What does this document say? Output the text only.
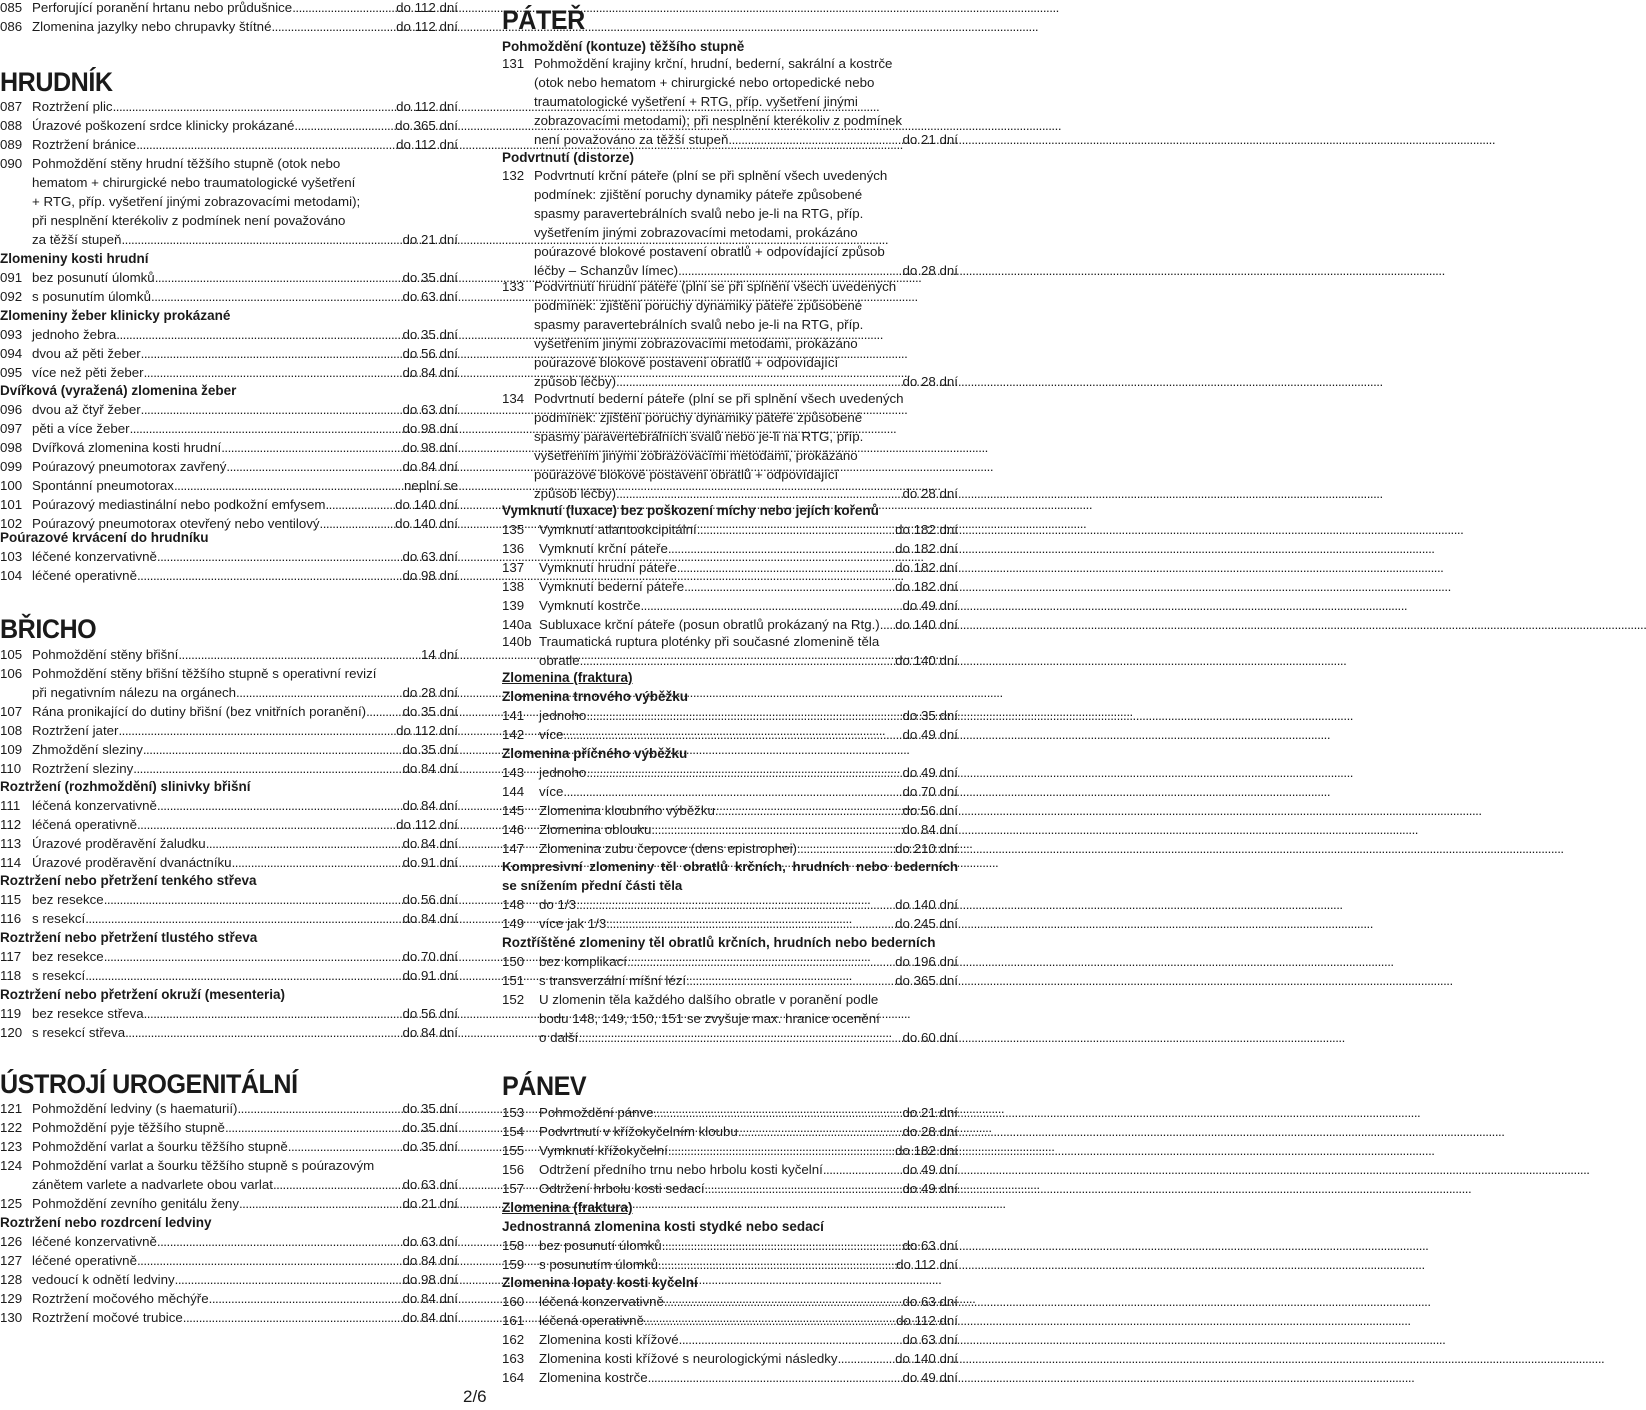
085 Perforující poranění hrtanu nebo průdušnice .....	do 112 dní
086 Zlomenina jazylky nebo chrupavky štítné .....	do 112 dní
HRUDNÍK
087 Roztržení plic .....	do 112 dní
088 Úrazové poškození srdce klinicky prokázané .....	do 365 dní
089 Roztržení bránice .....	do 112 dní
090 Pohmoždění stěny hrudní těžšího stupně (otok nebo
hematom + chirurgické nebo traumatologické vyšetření
+ RTG, příp. vyšetření jinými zobrazovacími metodami);
při nesplnění kterékoliv z podmínek není považováno
za těžší stupeň .....	do 21 dní
Zlomeniny kosti hrudní
091 bez posunutí úlomků .....	do 35 dní
092 s posunutím úlomků .....	do 63 dní
Zlomeniny žeber klinicky prokázané
093 jednoho žebra .....	do 35 dní
094 dvou až pěti žeber .....	do 56 dní
095 více než pěti žeber .....	do 84 dní
Dvířková (vyražená) zlomenina žeber
096 dvou až čtyř žeber .....	do 63 dní
097 pěti a více žeber .....	do 98 dní
098 Dvířková zlomenina kosti hrudní .....	do 98 dní
099 Poúrazový pneumotorax zavřený .....	do 84 dní
100 Spontánní pneumotorax .....	neplní se
101 Poúrazový mediastinální nebo podkožní emfysem .....	do 140 dní
102 Poúrazový pneumotorax otevřený nebo ventilový .....	do 140 dní
Poúrazové krvácení do hrudníku
103 léčené konzervativně .....	do 63 dní
104 léčené operativně .....	do 98 dní
BŘICHO
105 Pohmoždění stěny břišní .....	14 dní
106 Pohmoždění stěny břišní těžšího stupně s operativní revizí
při negativním nálezu na orgánech .....	do 28 dní
107 Rána pronikající do dutiny břišní (bez vnitřních poranění) .....	do 35 dní
108 Roztržení jater .....	do 112 dní
109 Zhmoždění sleziny .....	do 35 dní
110 Roztržení sleziny .....	do 84 dní
Roztržení (rozhmoždění) slinivky břišní
111 léčená konzervativně .....	do 84 dní
112 léčená operativně .....	do 112 dní
113 Úrazové proděravění žaludku .....	do 84 dní
114 Úrazové proděravění dvanáctníku .....	do 91 dní
Roztržení nebo přetržení tenkého střeva
115 bez resekce .....	do 56 dní
116 s resekcí .....	do 84 dní
Roztržení nebo přetržení tlustého střeva
117 bez resekce .....	do 70 dní
118 s resekcí .....	do 91 dní
Roztržení nebo přetržení okruží (mesenteria)
119 bez resekce střeva .....	do 56 dní
120 s resekcí střeva .....	do 84 dní
ÚSTROJÍ UROGENITÁLNÍ
121 Pohmoždění ledviny (s haematurií) .....	do 35 dní
122 Pohmoždění pyje těžšího stupně .....	do 35 dní
123 Pohmoždění varlat a šourku těžšího stupně .....	do 35 dní
124 Pohmoždění varlat a šourku těžšího stupně s poúrazovým
zánětem varlete a nadvarlete obou varlat .....	do 63 dní
125 Pohmoždění zevního genitálu ženy .....	do 21 dní
Roztržení nebo rozdrcení ledviny
126 léčené konzervativně .....	do 63 dní
127 léčené operativně .....	do 84 dní
128 vedoucí k odnětí ledviny .....	do 98 dní
129 Roztržení močového měchýře .....	do 84 dní
130 Roztržení močové trubice .....	do 84 dní
PÁTEŘ
Pohmoždění (kontuze) těžšího stupně
131 Pohmoždění krajiny krční, hrudní, bederní, sakrální a kostrče
(otok nebo hematom + chirurgické nebo ortopedické nebo
traumatologické vyšetření + RTG, příp. vyšetření jinými
zobrazovacími metodami); při nesplnění kterékoliv z podmínek
není považováno za těžší stupeň .....	do 21 dní
Podvrtnutí (distorze)
132 Podvrtnutí krční páteře (plní se při splnění všech uvedených
podmínek: zjištění poruchy dynamiky páteře způsobené
spasmy paravertebrálních svalů nebo je-li na RTG, příp.
vyšetřením jinými zobrazovacími metodami, prokázáno
poúrazové blokové postavení obratlů + odpovídající způsob
léčby – Schanzův límec) .....	do 28 dní
133 Podvrtnutí hrudní páteře (plní se při splnění všech uvedených
podmínek: zjištění poruchy dynamiky páteře způsobené
spasmy paravertebrálních svalů nebo je-li na RTG, příp.
vyšetřením jinými zobrazovacími metodami, prokázáno
poúrazové blokové postavení obratlů + odpovídající
způsob léčby) .....	do 28 dní
134 Podvrtnutí bederní páteře (plní se při splnění všech uvedených
podmínek: zjištění poruchy dynamiky páteře způsobené
spasmy paravertebrálních svalů nebo je-li na RTG, příp.
vyšetřením jinými zobrazovacími metodami, prokázáno
poúrazové blokové postavení obratlů + odpovídající
způsob léčby) .....	do 28 dní
Vymknutí (luxace) bez poškození míchy nebo jejích kořenů
135	Vymknutí atlantookcipitální .....	do 182 dní
136	Vymknutí krční páteře .....	do 182 dní
137	Vymknutí hrudní páteře .....	do 182 dní
138	Vymknutí bederní páteře .....	do 182 dní
139	Vymknutí kostrče .....	do 49 dní
140a Subluxace krční páteře (posun obratlů prokázaný na Rtg.) ..... do 140 dní
140b Traumatická ruptura ploténky při současné zlomenině těla
obratle .....	do 140 dní
Zlomenina (fraktura)
Zlomenina trnového výběžku
141	jednoho .....	do 35 dní
142	více .....	do 49 dní
Zlomenina příčného výběžku
143	jednoho .....	do 49 dní
144	více .....	do 70 dní
145	Zlomenina kloubního výběžku .....	do 56 dní
146	Zlomenina oblouku .....	do 84 dní
147	Zlomenina zubu čepovce (dens epistrophei) .....	do 210 dní
Kompresivní zlomeniny těl obratlů krčních, hrudních nebo bederních
se snížením přední části těla
148	do 1/3 .....	do 140 dní
149	více jak 1/3 .....	do 245 dní
Roztříštěné zlomeniny těl obratlů krčních, hrudních nebo bederních
150	bez komplikací .....	do 196 dní
151	s transverzální míšní lézí .....	do 365 dní
152	U zlomenin těla každého dalšího obratle v poranění podle
bodu 148, 149, 150, 151 se zvyšuje max. hranice ocenění
o další .....	do 60 dní
PÁNEV
153	Pohmoždění pánve .....	do 21 dní
154	Podvrtnutí v křížokyčelním kloubu .....	do 28 dní
155	Vymknutí křížokyčelní .....	do 182 dní
156	Odtržení předního trnu nebo hrbolu kosti kyčelní .....	do 49 dní
157	Odtržení hrbolu kosti sedací .....	do 49 dní
Zlomenina (fraktura)
Jednostranná zlomenina kosti stydké nebo sedací
158	bez posunutí úlomků .....	do 63 dní
159	s posunutím úlomků .....	do 112 dní
Zlomenina lopaty kosti kyčelní
160	léčená konzervativně .....	do 63 dní
161	léčená operativně .....	do 112 dní
162	Zlomenina kosti křížové .....	do 63 dní
163	Zlomenina kosti křížové s neurologickými následky .....	do 140 dní
164	Zlomenina kostrče .....	do 49 dní
2/6
